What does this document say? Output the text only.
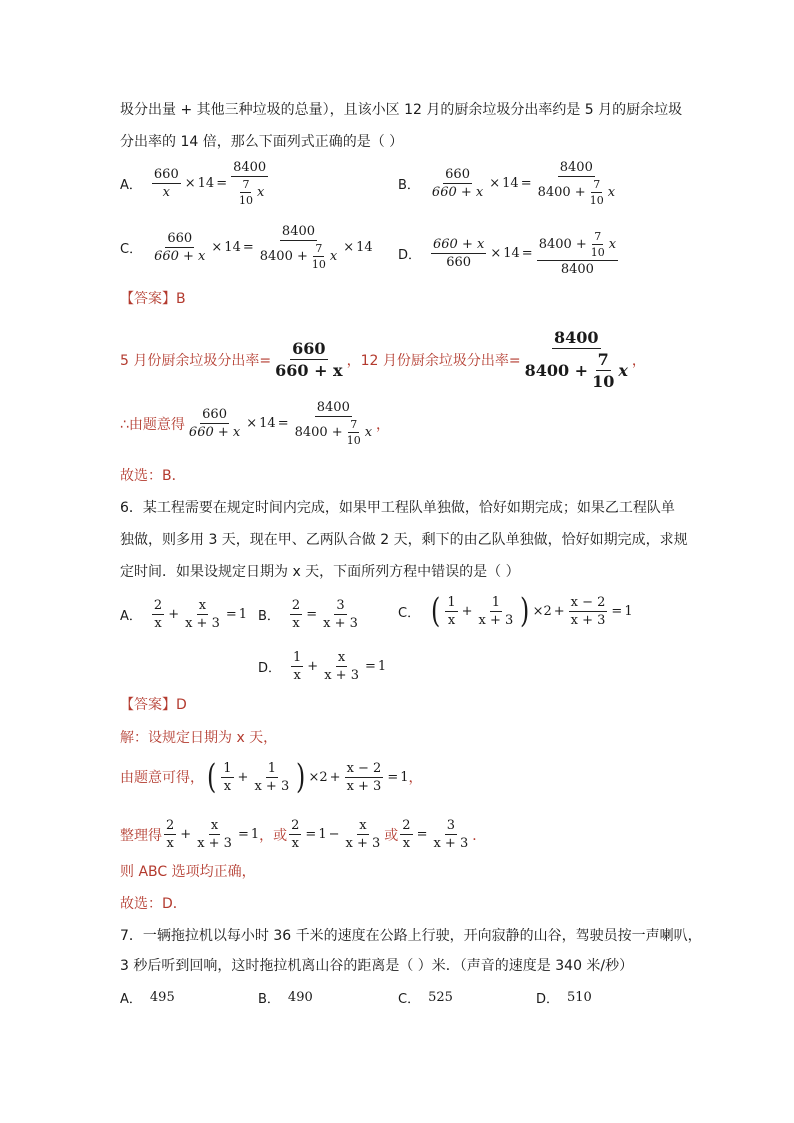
圾分出量 + 其他三种垃圾的总量），且该小区 12 月的厨余垃圾分出率约是 5 月的厨余垃圾
分出率的 14 倍，那么下面列式正确的是（ ）
A． $\frac{660}{x} \times 14 = \frac{8400}{\frac{7}{10} x}$	B． $\frac{660}{660 + x} \times 14 = \frac{8400}{8400 + \frac{7}{10} x}$
C． $\frac{660}{660 + x} \times 14 = \frac{8400}{8400 + \frac{7}{10} x} \times 14$
D． $\frac{660 + x}{660} \times 14 = \frac{8400 + \frac{7}{10} x}{8400}$
【答案】B
5 月份厨余垃圾分出率= $\frac{660}{660 + x}$ ，12 月份厨余垃圾分出率= $\frac{8400}{8400 + \frac{7}{10} x}$ ，
∴由题意得 $\frac{660}{660 + x} \times 14 = \frac{8400}{8400 + \frac{7}{10} x}$ ，
故选：B．
6．某工程需要在规定时间内完成，如果甲工程队单独做，恰好如期完成；如果乙工程队单
独做，则多用 3 天，现在甲、乙两队合做 2 天，剩下的由乙队单独做，恰好如期完成，求规
定时间．如果设规定日期为 x 天，下面所列方程中错误的是（ ）
A． $\frac{2}{x} + \frac{x}{x + 3} = 1$ B． $\frac{2}{x} = \frac{3}{x + 3}$	C． ( $\frac{1}{x} + \frac{1}{x + 3}$ ) $\times 2 + \frac{x - 2}{x + 3} = 1$
D． $\frac{1}{x} + \frac{x}{x + 3} = 1$
【答案】D
解：设规定日期为 x 天，
由题意可得， ( $\frac{1}{x} + \frac{1}{x + 3}$ ) $\times 2 + \frac{x - 2}{x + 3} = 1$ ，
整理得 $\frac{2}{x} + \frac{x}{x + 3} = 1$ ，或 $\frac{2}{x} = 1 - \frac{x}{x + 3}$ 或 $\frac{2}{x} = \frac{3}{x + 3}$ ．
则 ABC 选项均正确，
故选：D．
7．一辆拖拉机以每小时 36 千米的速度在公路上行驶，开向寂静的山谷，驾驶员按一声喇叭，
3 秒后听到回响，这时拖拉机离山谷的距离是（ ）米．（声音的速度是 340 米/秒）
A． 495	B． 490	C． 525	D． 510
